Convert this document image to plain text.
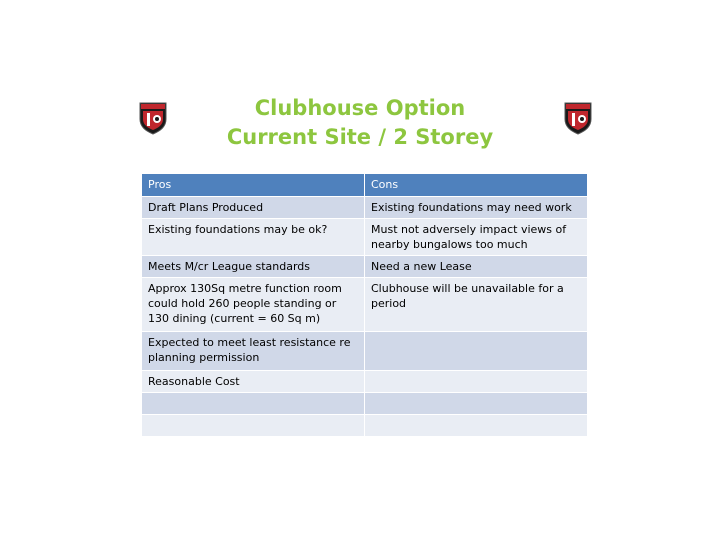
Clubhouse Option
Current Site / 2 Storey
Pros	Cons
Draft Plans Produced	Existing foundations may need work
Existing foundations may be ok?	Must not adversely impact views of nearby bungalows too much
Meets M/cr League standards	Need a new Lease
Approx 130Sq metre function room could hold 260 people standing or 130 dining (current = 60 Sq m)	Clubhouse will be unavailable for a period
Expected to meet least resistance re planning permission	
Reasonable Cost	
